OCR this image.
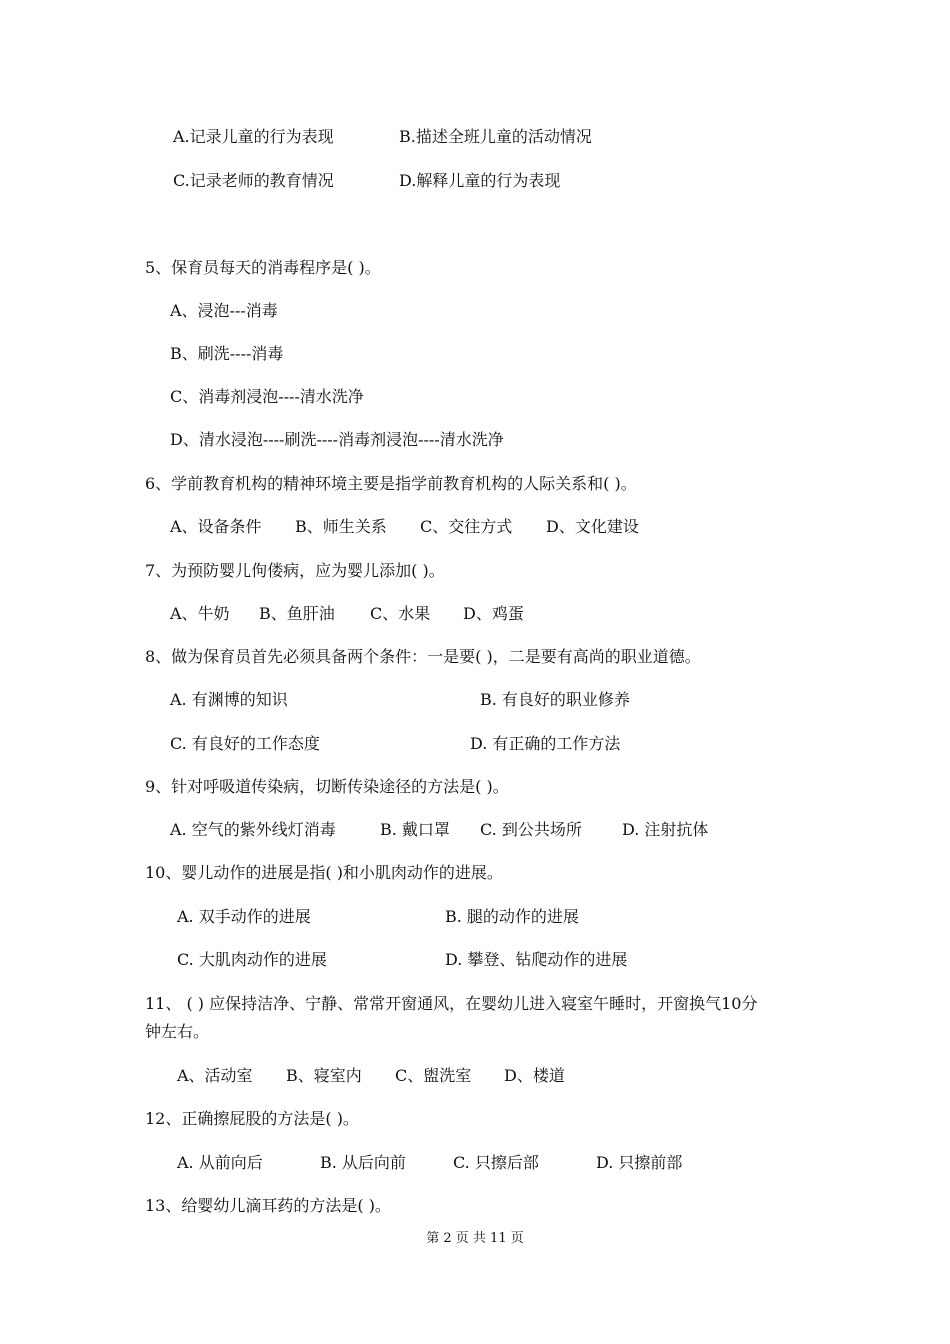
A.记录儿童的行为表现	B.描述全班儿童的活动情况
C.记录老师的教育情况	D.解释儿童的行为表现
5、保育员每天的消毒程序是( )。
A、浸泡---消毒
B、刷洗----消毒
C、消毒剂浸泡----清水洗净
D、清水浸泡----刷洗----消毒剂浸泡----清水洗净
6、学前教育机构的精神环境主要是指学前教育机构的人际关系和( )。
A、设备条件 B、师生关系 C、交往方式 D、文化建设
7、为预防婴儿佝偻病，应为婴儿添加( )。
A、牛奶 B、鱼肝油 C、水果 D、鸡蛋
8、做为保育员首先必须具备两个条件：一是要( )，二是要有高尚的职业道德。
A. 有渊博的知识	B. 有良好的职业修养
C. 有良好的工作态度	D. 有正确的工作方法
9、针对呼吸道传染病，切断传染途径的方法是( )。
A. 空气的紫外线灯消毒	B. 戴口罩 C. 到公共场所	D. 注射抗体
10、婴儿动作的进展是指( )和小肌肉动作的进展。
A. 双手动作的进展	B. 腿的动作的进展
C. 大肌肉动作的进展	D. 攀登、钻爬动作的进展
11、 ( ) 应保持洁净、宁静、常常开窗通风，在婴幼儿进入寝室午睡时，开窗换气10分
钟左右。
A、活动室 B、寝室内 C、盥洗室 D、楼道
12、正确擦屁股的方法是( )。
A. 从前向后	B. 从后向前	C. 只擦后部	D. 只擦前部
13、给婴幼儿滴耳药的方法是( )。
第 2 页 共 11 页
